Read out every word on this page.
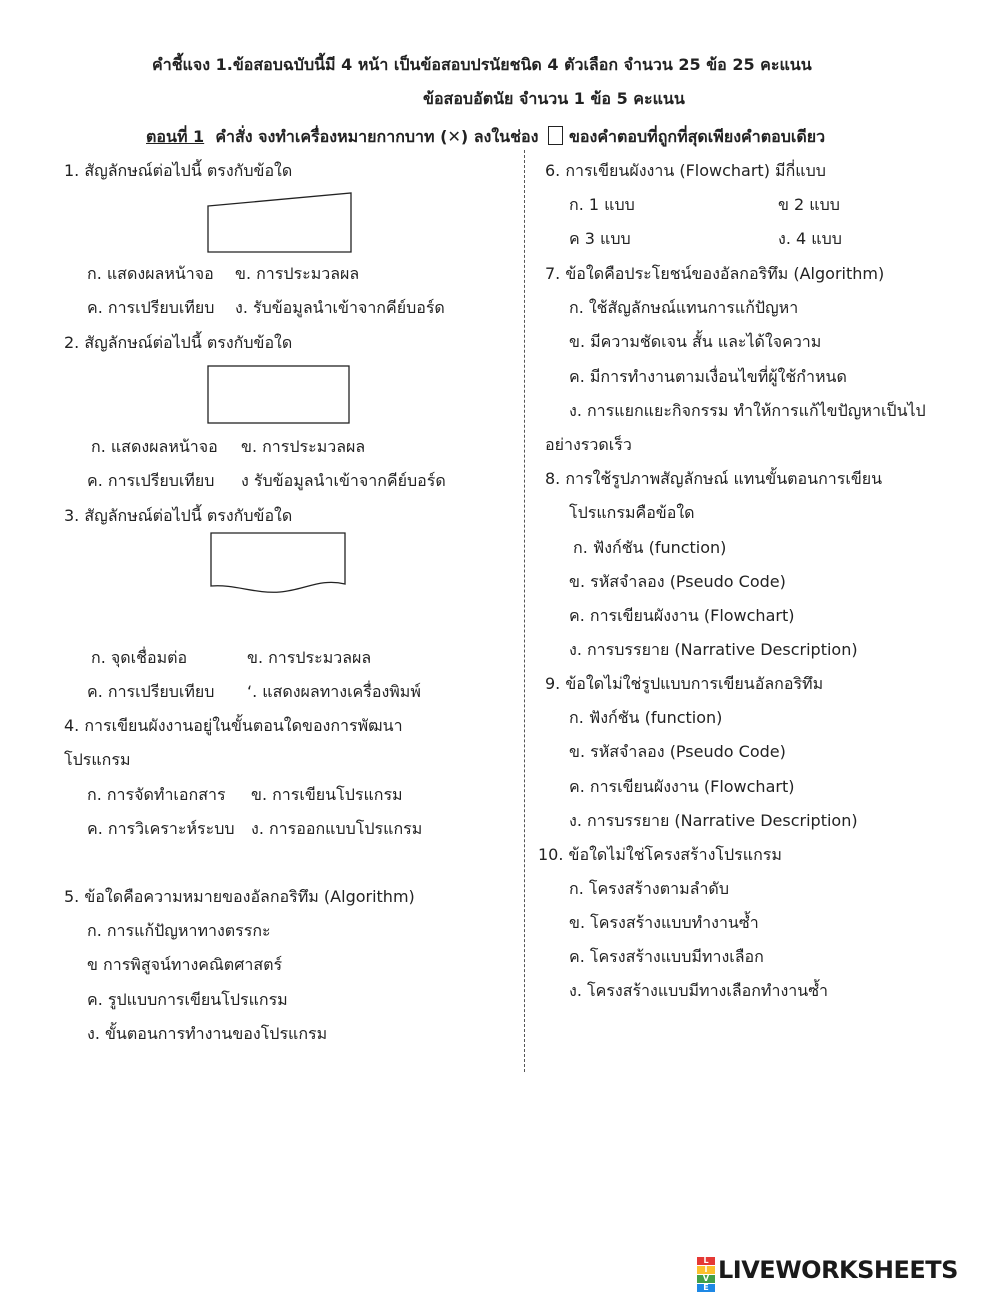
คำชี้แจง 1.ข้อสอบฉบับนี้มี 4 หน้า เป็นข้อสอบปรนัยชนิด 4 ตัวเลือก จำนวน 25 ข้อ 25 คะแนน
ข้อสอบอัตนัย จำนวน 1 ข้อ 5 คะแนน
ตอนที่ 1 คำสั่ง จงทำเครื่องหมายกากบาท (✕) ลงในช่อง ของคำตอบที่ถูกที่สุดเพียงคำตอบเดียว
1. สัญลักษณ์ต่อไปนี้ ตรงกับข้อใด
ก. แสดงผลหน้าจอ ข. การประมวลผล
ค. การเปรียบเทียบ ง. รับข้อมูลนำเข้าจากคีย์บอร์ด
2. สัญลักษณ์ต่อไปนี้ ตรงกับข้อใด
ก. แสดงผลหน้าจอ ข. การประมวลผล
ค. การเปรียบเทียบ ง รับข้อมูลนำเข้าจากคีย์บอร์ด
3. สัญลักษณ์ต่อไปนี้ ตรงกับข้อใด
ก. จุดเชื่อมต่อ	ข. การประมวลผล
ค. การเปรียบเทียบ ‘. แสดงผลทางเครื่องพิมพ์
4. การเขียนผังงานอยู่ในขั้นตอนใดของการพัฒนา
โปรแกรม
ก. การจัดทำเอกสาร ข. การเขียนโปรแกรม
ค. การวิเคราะห์ระบบ ง. การออกแบบโปรแกรม
5. ข้อใดคือความหมายของอัลกอริทึม (Algorithm)
ก. การแก้ปัญหาทางตรรกะ
ข การพิสูจน์ทางคณิตศาสตร์
ค. รูปแบบการเขียนโปรแกรม
ง. ขั้นตอนการทำงานของโปรแกรม
6. การเขียนผังงาน (Flowchart) มีกี่แบบ
ก. 1 แบบ	ข 2 แบบ
ค 3 แบบ	ง. 4 แบบ
7. ข้อใดคือประโยชน์ของอัลกอริทึม (Algorithm)
ก. ใช้สัญลักษณ์แทนการแก้ปัญหา
ข. มีความชัดเจน สั้น และได้ใจความ
ค. มีการทำงานตามเงื่อนไขที่ผู้ใช้กำหนด
ง. การแยกแยะกิจกรรม ทำให้การแก้ไขปัญหาเป็นไป
อย่างรวดเร็ว
8. การใช้รูปภาพสัญลักษณ์ แทนขั้นตอนการเขียน
โปรแกรมคือข้อใด
ก. ฟังก์ชัน (function)
ข. รหัสจำลอง (Pseudo Code)
ค. การเขียนผังงาน (Flowchart)
ง. การบรรยาย (Narrative Description)
9. ข้อใดไม่ใช่รูปแบบการเขียนอัลกอริทึม
ก. ฟังก์ชัน (function)
ข. รหัสจำลอง (Pseudo Code)
ค. การเขียนผังงาน (Flowchart)
ง. การบรรยาย (Narrative Description)
10. ข้อใดไม่ใช่โครงสร้างโปรแกรม
ก. โครงสร้างตามลำดับ
ข. โครงสร้างแบบทำงานซ้ำ
ค. โครงสร้างแบบมีทางเลือก
ง. โครงสร้างแบบมีทางเลือกทำงานซ้ำ
L
I
V
E
LIVEWORKSHEETS
